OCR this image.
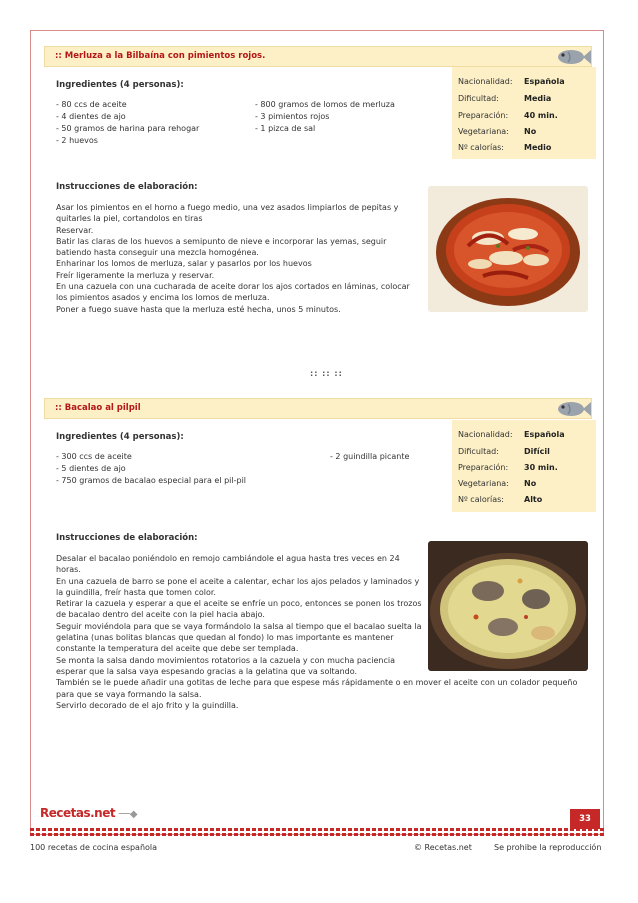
:: Merluza a la Bilbaína con pimientos rojos.
Ingredientes (4 personas):
- 80 ccs de aceite
- 4 dientes de ajo
- 50 gramos de harina para rehogar
- 2 huevos
- 800 gramos de lomos de merluza
- 3 pimientos rojos
- 1 pizca de sal
Nacionalidad: Española
Dificultad:	Media
Preparación: 40 min.
Vegetariana: No
Nº calorías:	Medio
Instrucciones de elaboración:
Asar los pimientos en el horno a fuego medio, una vez asados limpiarlos de pepitas y
quitarles la piel, cortandolos en tiras
Reservar.
Batir las claras de los huevos a semipunto de nieve e incorporar las yemas, seguir
batiendo hasta conseguir una mezcla homogénea.
Enharinar los lomos de merluza, salar y pasarlos por los huevos
Freír ligeramente la merluza y reservar.
En una cazuela con una cucharada de aceite dorar los ajos cortados en láminas, colocar
los pimientos asados y encima los lomos de merluza.
Poner a fuego suave hasta que la merluza esté hecha, unos 5 minutos.
:: :: ::
:: Bacalao al pilpil
Ingredientes (4 personas):
- 300 ccs de aceite
- 5 dientes de ajo
- 750 gramos de bacalao especial para el pil-pil
- 2 guindilla picante
Nacionalidad: Española
Dificultad:	Difícil
Preparación: 30 min.
Vegetariana: No
Nº calorías:	Alto
Instrucciones de elaboración:
Desalar el bacalao poniéndolo en remojo cambiándole el agua hasta tres veces en 24
horas.
En una cazuela de barro se pone el aceite a calentar, echar los ajos pelados y laminados y
la guindilla, freír hasta que tomen color.
Retirar la cazuela y esperar a que el aceite se enfríe un poco, entonces se ponen los trozos
de bacalao dentro del aceite con la piel hacia abajo.
Seguir moviéndola para que se vaya formándolo la salsa al tiempo que el bacalao suelta la
gelatina (unas bolitas blancas que quedan al fondo) lo mas importante es mantener
constante la temperatura del aceite que debe ser templada.
Se monta la salsa dando movimientos rotatorios a la cazuela y con mucha paciencia
esperar que la salsa vaya espesando gracias a la gelatina que va soltando.
También se le puede añadir una gotitas de leche para que espese más rápidamente o en mover el aceite con un colador pequeño
para que se vaya formando la salsa.
Servirlo decorado de el ajo frito y la guindilla.
Recetas.net ──◆	33
100 recetas de cocina española	© Recetas.net	Se prohibe la reproducción
